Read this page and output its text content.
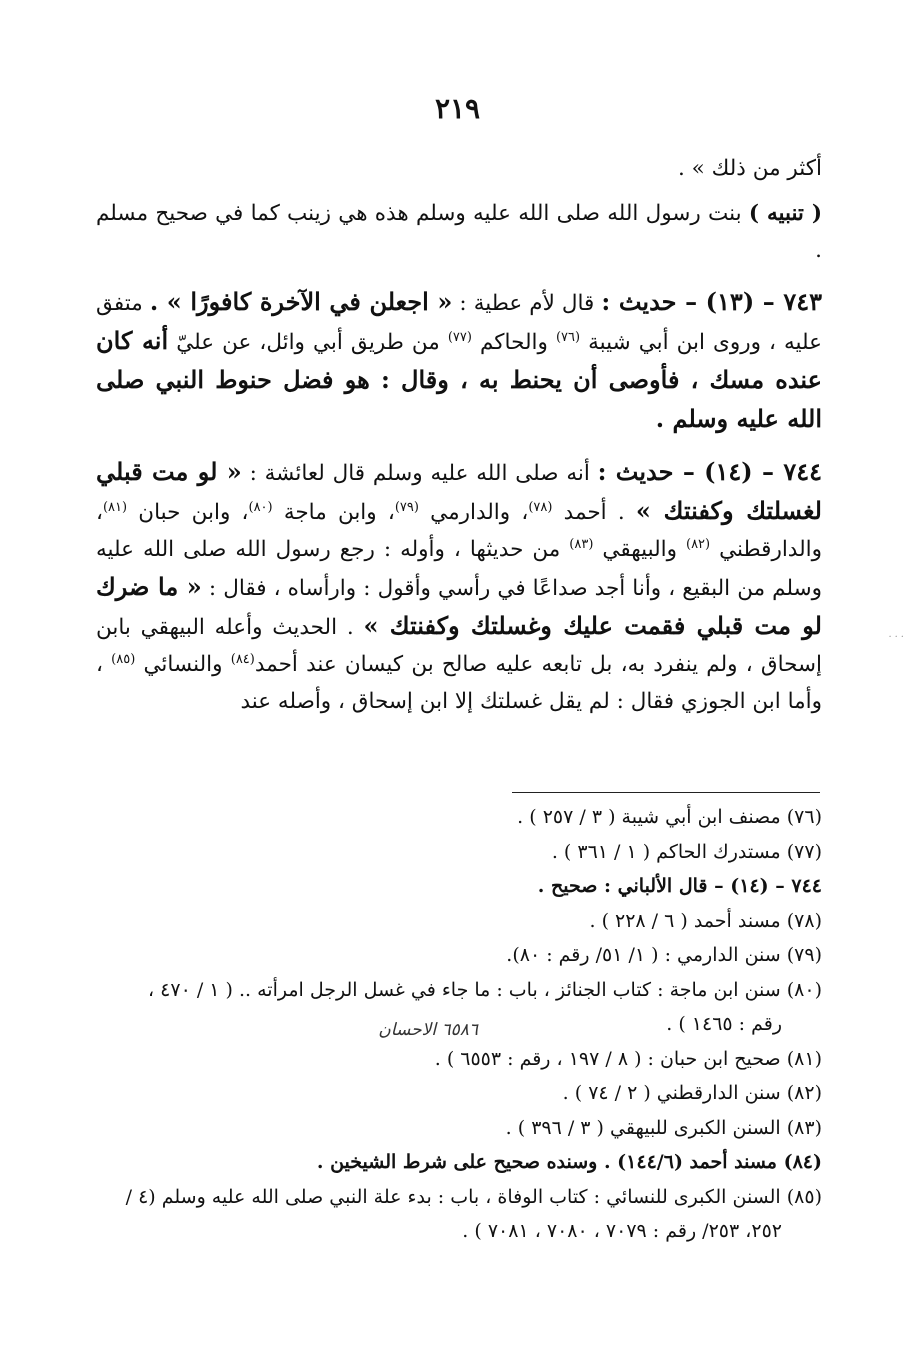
٢١٩

أكثر من ذلك » .

( تنبيه ) بنت رسول الله صلى الله عليه وسلم هذه هي زينب كما في صحيح مسلم .

٧٤٣ – (١٣) – حديث : قال لأم عطية : « اجعلن في الآخرة كافورًا » . متفق عليه ، وروى ابن أبي شيبة $^{(٧٦)}$ والحاكم $^{(٧٧)}$ من طريق أبي وائل، عن عليّ أنه كان عنده مسك ، فأوصى أن يحنط به ، وقال : هو فضل حنوط النبي صلى الله عليه وسلم .

٧٤٤ – (١٤) – حديث : أنه صلى الله عليه وسلم قال لعائشة : « لو مت قبلي لغسلتك وكفنتك » . أحمد $^{(٧٨)}$، والدارمي $^{(٧٩)}$، وابن ماجة $^{(٨٠)}$، وابن حبان $^{(٨١)}$، والدارقطني $^{(٨٢)}$ والبيهقي $^{(٨٣)}$ من حديثها ، وأوله : رجع رسول الله صلى الله عليه وسلم من البقيع ، وأنا أجد صداعًا في رأسي وأقول : وارأساه ، فقال : « ما ضرك لو مت قبلي فقمت عليك وغسلتك وكفنتك » . الحديث وأعله البيهقي بابن إسحاق ، ولم ينفرد به، بل تابعه عليه صالح بن كيسان عند أحمد$^{(٨٤)}$ والنسائي $^{(٨٥)}$ ، وأما ابن الجوزي فقال : لم يقل غسلتك إلا ابن إسحاق ، وأصله عند

(٧٦) مصنف ابن أبي شيبة ( ٣ / ٢٥٧ ) .

(٧٧) مستدرك الحاكم ( ١ / ٣٦١ ) .

٧٤٤ – (١٤) – قال الألباني : صحيح .

(٧٨) مسند أحمد ( ٦ / ٢٢٨ ) .

(٧٩) سنن الدارمي : ( ١/ ٥١/ رقم : ٨٠).

(٨٠) سنن ابن ماجة : كتاب الجنائز ، باب : ما جاء في غسل الرجل امرأته .. ( ١ / ٤٧٠ ،

رقم : ١٤٦٥ ) .

(٨١) صحيح ابن حبان : ( ٨ / ١٩٧ ، رقم : ٦٥٥٣ ) .

(٨٢) سنن الدارقطني ( ٢ / ٧٤ ) .

(٨٣) السنن الكبرى للبيهقي ( ٣ / ٣٩٦ ) .

(٨٤) مسند أحمد (١٤٤/٦) . وسنده صحيح على شرط الشيخين .

(٨٥) السنن الكبرى للنسائي : كتاب الوفاة ، باب : بدء علة النبي صلى الله عليه وسلم (٤ /

٢٥٢، ٢٥٣/ رقم : ٧٠٧٩ ، ٧٠٨٠ ، ٧٠٨١ ) .

٦٥٨٦ الاحسان
···
